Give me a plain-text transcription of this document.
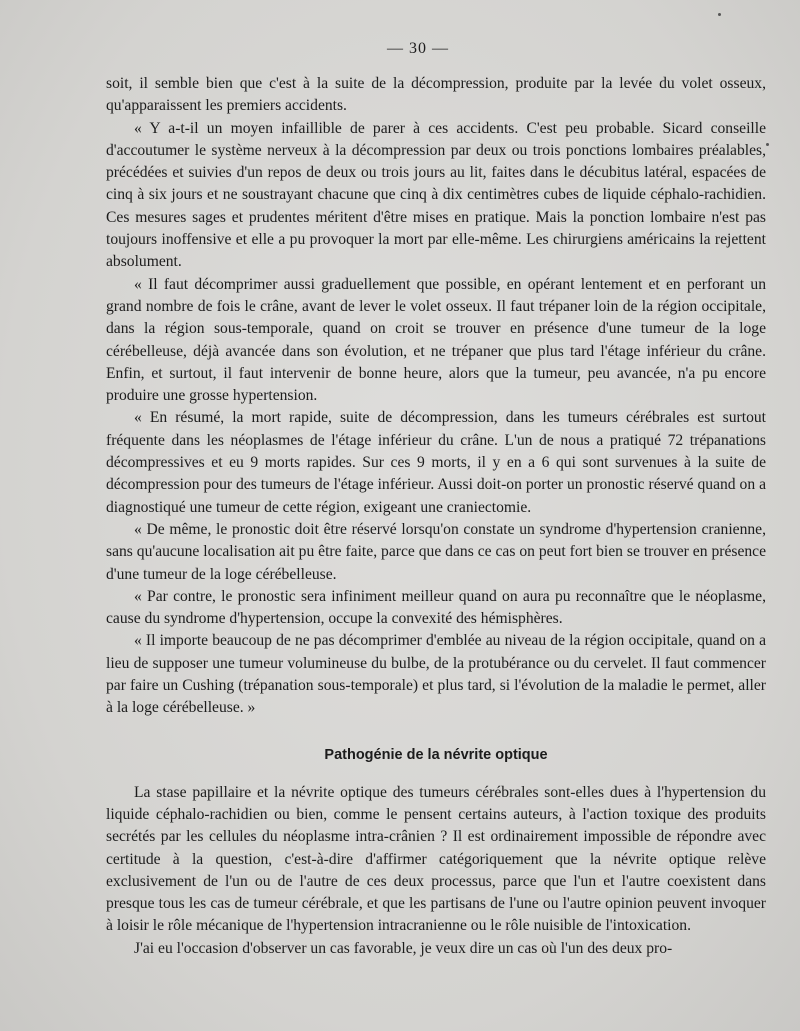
— 30 —

soit, il semble bien que c'est à la suite de la décompression, produite par la levée du volet osseux, qu'apparaissent les premiers accidents.

« Y a-t-il un moyen infaillible de parer à ces accidents. C'est peu probable. Sicard conseille d'accoutumer le système nerveux à la décompression par deux ou trois ponctions lombaires préalables, précédées et suivies d'un repos de deux ou trois jours au lit, faites dans le décubitus latéral, espacées de cinq à six jours et ne soustrayant chacune que cinq à dix centimètres cubes de liquide céphalo-rachidien. Ces mesures sages et prudentes méritent d'être mises en pratique. Mais la ponction lombaire n'est pas toujours inoffensive et elle a pu provoquer la mort par elle-même. Les chirurgiens américains la rejettent absolument.

« Il faut décomprimer aussi graduellement que possible, en opérant lentement et en perforant un grand nombre de fois le crâne, avant de lever le volet osseux. Il faut trépaner loin de la région occipitale, dans la région sous-temporale, quand on croit se trouver en présence d'une tumeur de la loge cérébelleuse, déjà avancée dans son évolution, et ne trépaner que plus tard l'étage inférieur du crâne. Enfin, et surtout, il faut intervenir de bonne heure, alors que la tumeur, peu avancée, n'a pu encore produire une grosse hypertension.

« En résumé, la mort rapide, suite de décompression, dans les tumeurs cérébrales est surtout fréquente dans les néoplasmes de l'étage inférieur du crâne. L'un de nous a pratiqué 72 trépanations décompressives et eu 9 morts rapides. Sur ces 9 morts, il y en a 6 qui sont survenues à la suite de décompression pour des tumeurs de l'étage inférieur. Aussi doit-on porter un pronostic réservé quand on a diagnostiqué une tumeur de cette région, exigeant une craniectomie.

« De même, le pronostic doit être réservé lorsqu'on constate un syndrome d'hypertension cranienne, sans qu'aucune localisation ait pu être faite, parce que dans ce cas on peut fort bien se trouver en présence d'une tumeur de la loge cérébelleuse.

« Par contre, le pronostic sera infiniment meilleur quand on aura pu reconnaître que le néoplasme, cause du syndrome d'hypertension, occupe la convexité des hémisphères.

« Il importe beaucoup de ne pas décomprimer d'emblée au niveau de la région occipitale, quand on a lieu de supposer une tumeur volumineuse du bulbe, de la protubérance ou du cervelet. Il faut commencer par faire un Cushing (trépanation sous-temporale) et plus tard, si l'évolution de la maladie le permet, aller à la loge cérébelleuse. »

Pathogénie de la névrite optique

La stase papillaire et la névrite optique des tumeurs cérébrales sont-elles dues à l'hypertension du liquide céphalo-rachidien ou bien, comme le pensent certains auteurs, à l'action toxique des produits secrétés par les cellules du néoplasme intra-crânien ? Il est ordinairement impossible de répondre avec certitude à la question, c'est-à-dire d'affirmer catégoriquement que la névrite optique relève exclusivement de l'un ou de l'autre de ces deux processus, parce que l'un et l'autre coexistent dans presque tous les cas de tumeur cérébrale, et que les partisans de l'une ou l'autre opinion peuvent invoquer à loisir le rôle mécanique de l'hypertension intracranienne ou le rôle nuisible de l'intoxication.

J'ai eu l'occasion d'observer un cas favorable, je veux dire un cas où l'un des deux pro-
